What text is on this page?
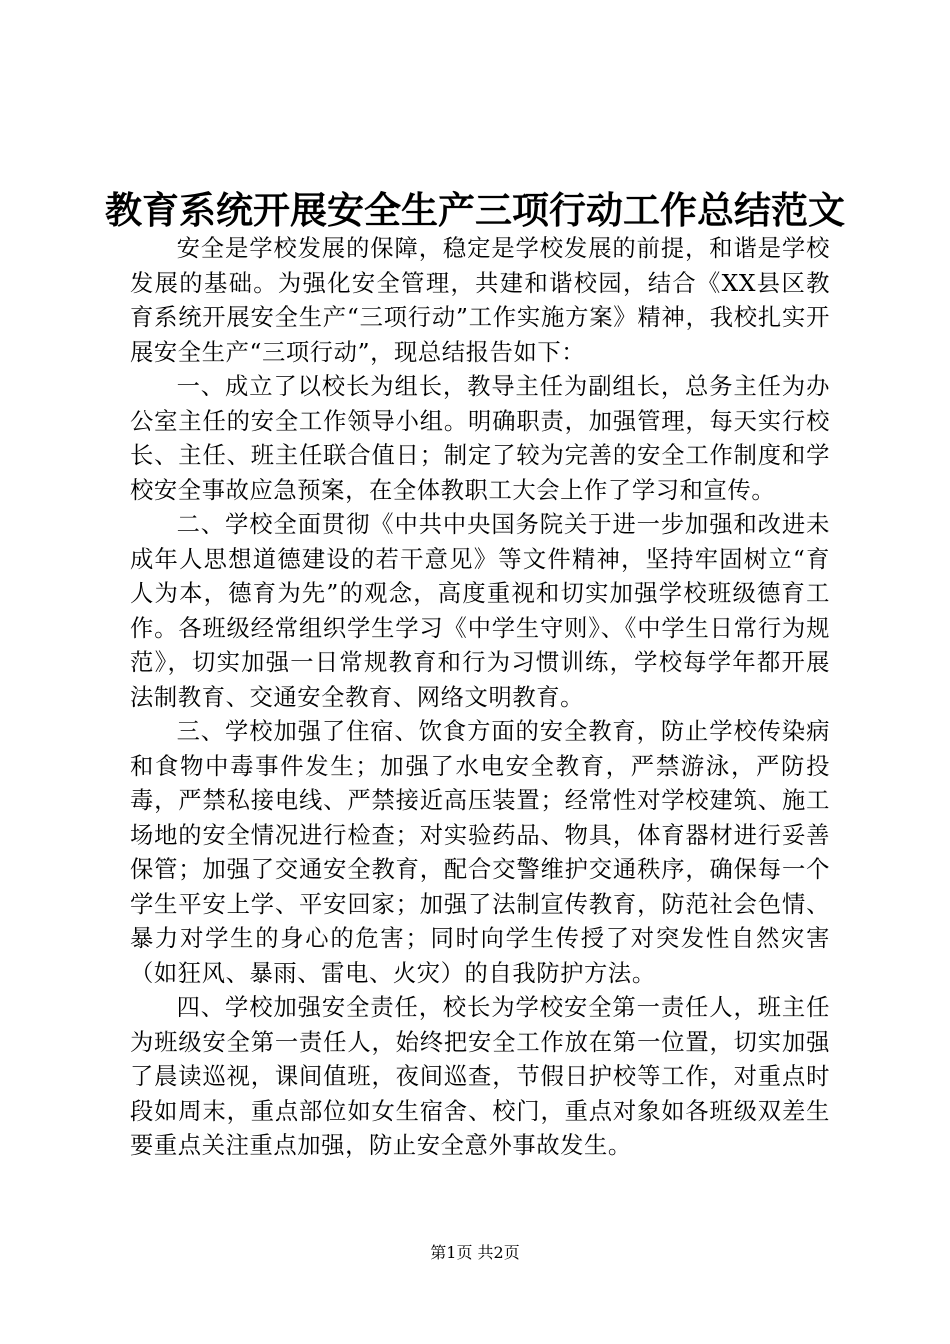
教育系统开展安全生产三项行动工作总结范文

安全是学校发展的保障，稳定是学校发展的前提，和谐是学校发展的基础。为强化安全管理，共建和谐校园，结合《XX县区教育系统开展安全生产“三项行动”工作实施方案》精神，我校扎实开展安全生产“三项行动”，现总结报告如下：

一、成立了以校长为组长，教导主任为副组长，总务主任为办公室主任的安全工作领导小组。明确职责，加强管理，每天实行校长、主任、班主任联合值日；制定了较为完善的安全工作制度和学校安全事故应急预案，在全体教职工大会上作了学习和宣传。

二、学校全面贯彻《中共中央国务院关于进一步加强和改进未成年人思想道德建设的若干意见》等文件精神，坚持牢固树立“育人为本，德育为先”的观念，高度重视和切实加强学校班级德育工作。各班级经常组织学生学习《中学生守则》、《中学生日常行为规范》，切实加强一日常规教育和行为习惯训练，学校每学年都开展法制教育、交通安全教育、网络文明教育。

三、学校加强了住宿、饮食方面的安全教育，防止学校传染病和食物中毒事件发生；加强了水电安全教育，严禁游泳，严防投毒，严禁私接电线、严禁接近高压装置；经常性对学校建筑、施工场地的安全情况进行检查；对实验药品、物具，体育器材进行妥善保管；加强了交通安全教育，配合交警维护交通秩序，确保每一个学生平安上学、平安回家；加强了法制宣传教育，防范社会色情、暴力对学生的身心的危害；同时向学生传授了对突发性自然灾害（如狂风、暴雨、雷电、火灾）的自我防护方法。

四、学校加强安全责任，校长为学校安全第一责任人，班主任为班级安全第一责任人，始终把安全工作放在第一位置，切实加强了晨读巡视，课间值班，夜间巡查，节假日护校等工作，对重点时段如周末，重点部位如女生宿舍、校门，重点对象如各班级双差生要重点关注重点加强，防止安全意外事故发生。

第1页 共2页
